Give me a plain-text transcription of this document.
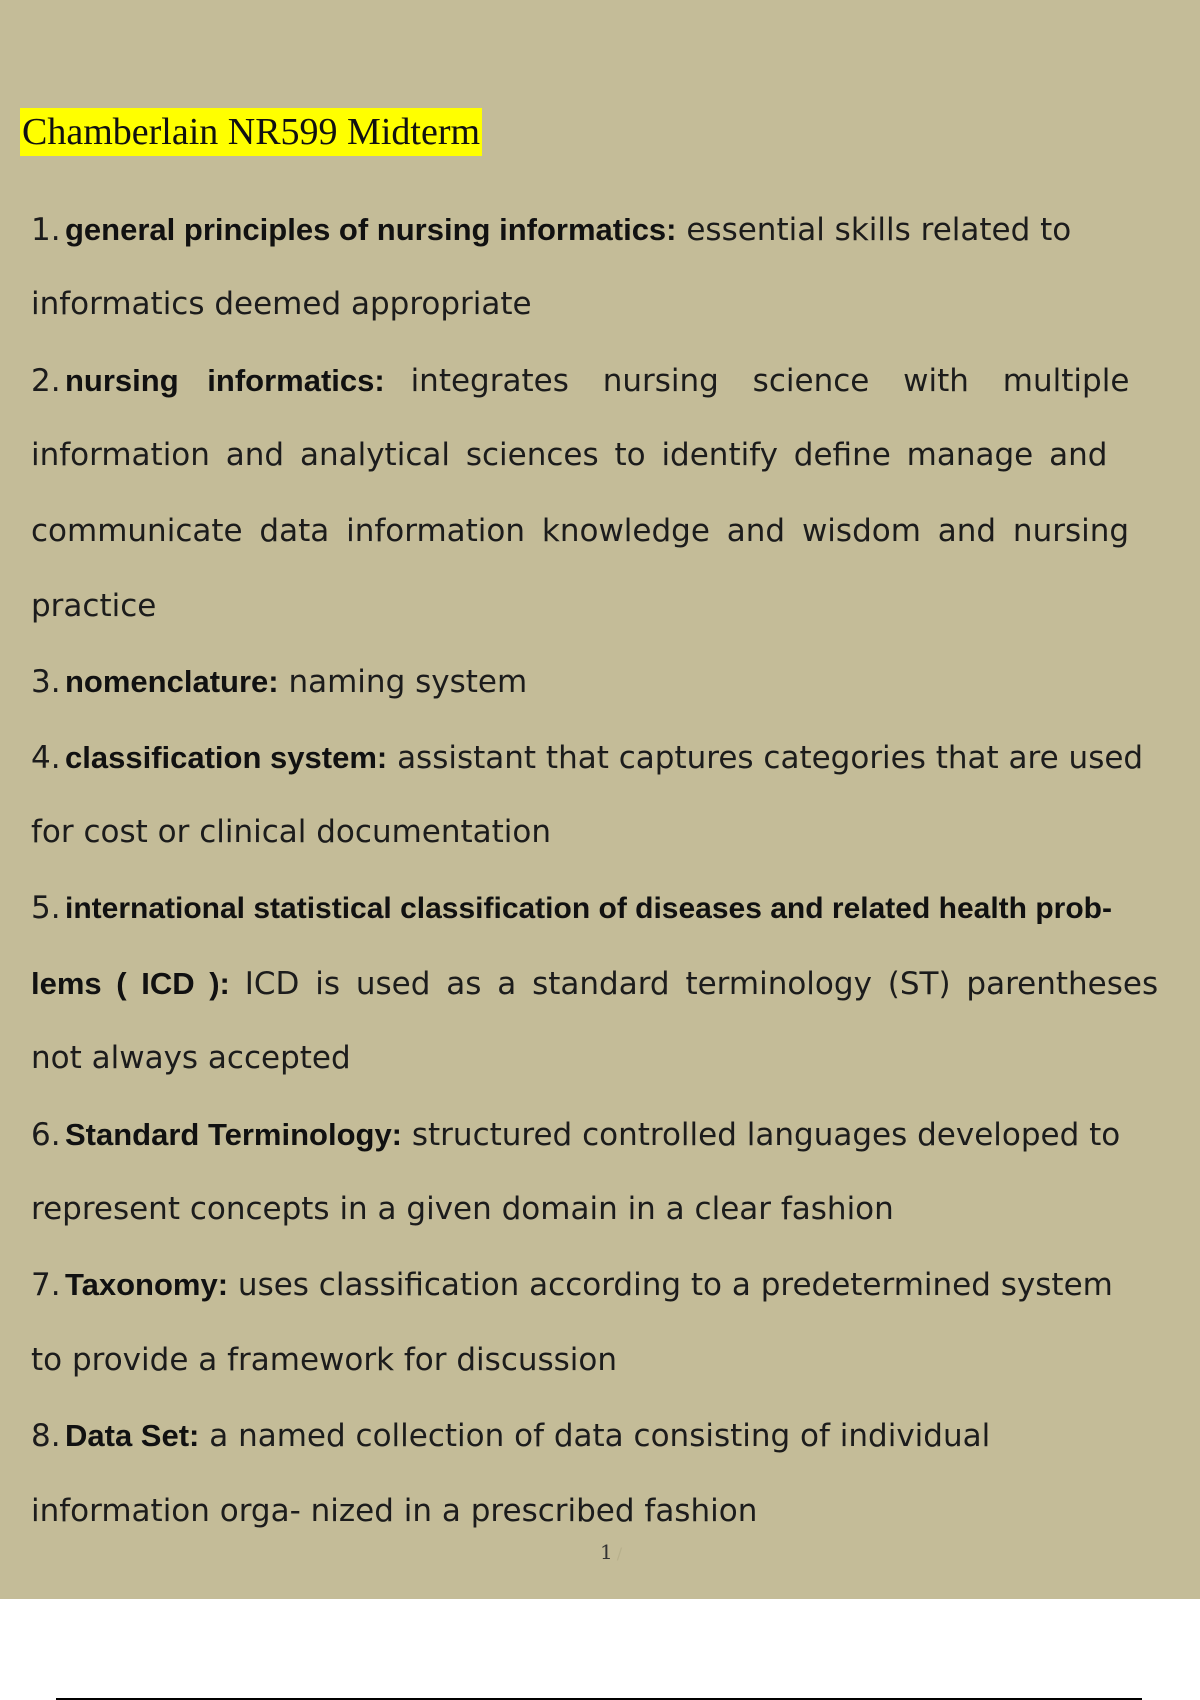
Chamberlain NR599 Midterm
1. general principles of nursing informatics: essential skills related to
informatics deemed appropriate
2. nursing informatics: integrates nursing science with multiple
information and analytical sciences to identify define manage and
communicate data information knowledge and wisdom and nursing
practice
3. nomenclature: naming system
4. classification system: assistant that captures categories that are used
for cost or clinical documentation
5. international statistical classification of diseases and related health prob-
lems ( ICD ): ICD is used as a standard terminology (ST) parentheses
not always accepted
6. Standard Terminology: structured controlled languages developed to
represent concepts in a given domain in a clear fashion
7. Taxonomy: uses classification according to a predetermined system
to provide a framework for discussion
8. Data Set: a named collection of data consisting of individual
information orga- nized in a prescribed fashion
1 /
